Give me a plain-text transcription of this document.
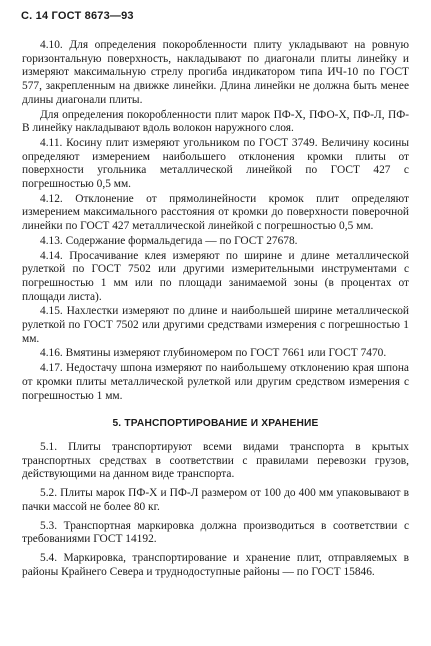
С. 14 ГОСТ 8673—93

4.10. Для определения покоробленности плиту укладывают на ровную горизонтальную поверхность, накладывают по диагонали плиты линейку и измеряют максимальную стрелу прогиба индикатором типа ИЧ-10 по ГОСТ 577, закрепленным на движке линейки. Длина линейки не должна быть менее длины диагонали плиты.

Для определения покоробленности плит марок ПФ-Х, ПФО-Х, ПФ-Л, ПФ-В линейку накладывают вдоль волокон наружного слоя.

4.11. Косину плит измеряют угольником по ГОСТ 3749. Величину косины определяют измерением наибольшего отклонения кромки плиты от поверхности угольника металлической линейкой по ГОСТ 427 с погрешностью 0,5 мм.

4.12. Отклонение от прямолинейности кромок плит определяют измерением максимального расстояния от кромки до поверхности поверочной линейки по ГОСТ 427 металлической линейкой с погрешностью 0,5 мм.

4.13. Содержание формальдегида — по ГОСТ 27678.

4.14. Просачивание клея измеряют по ширине и длине металлической рулеткой по ГОСТ 7502 или другими измерительными инструментами с погрешностью 1 мм или по площади занимаемой зоны (в процентах от площади листа).

4.15. Нахлестки измеряют по длине и наибольшей ширине металлической рулеткой по ГОСТ 7502 или другими средствами измерения с погрешностью 1 мм.

4.16. Вмятины измеряют глубиномером по ГОСТ 7661 или ГОСТ 7470.

4.17. Недостачу шпона измеряют по наибольшему отклонению края шпона от кромки плиты металлической рулеткой или другим средством измерения с погрешностью 1 мм.

5. ТРАНСПОРТИРОВАНИЕ И ХРАНЕНИЕ

5.1. Плиты транспортируют всеми видами транспорта в крытых транспортных средствах в соответствии с правилами перевозки грузов, действующими на данном виде транспорта.

5.2. Плиты марок ПФ-Х и ПФ-Л размером от 100 до 400 мм упаковывают в пачки массой не более 80 кг.

5.3. Транспортная маркировка должна производиться в соответствии с требованиями ГОСТ 14192.

5.4. Маркировка, транспортирование и хранение плит, отправляемых в районы Крайнего Севера и труднодоступные районы — по ГОСТ 15846.
